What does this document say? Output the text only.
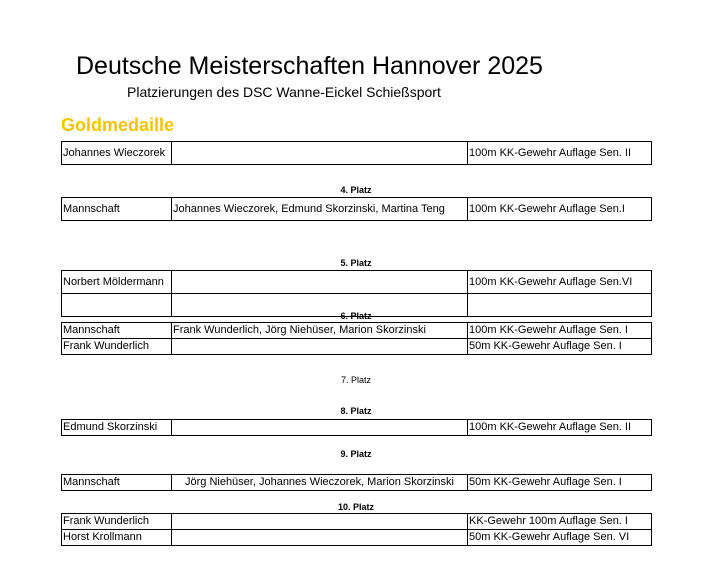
Deutsche Meisterschaften Hannover 2025
Platzierungen des DSC Wanne-Eickel Schießsport
Goldmedaille
Johannes Wieczorek		100m KK-Gewehr Auflage Sen. II
4. Platz
Mannschaft	Johannes Wieczorek, Edmund Skorzinski, Martina Teng	100m KK-Gewehr Auflage Sen.I
5. Platz
Norbert Möldermann		100m KK-Gewehr Auflage Sen.VI

6. Platz
Mannschaft	Frank Wunderlich, Jörg Niehüser, Marion Skorzinski	100m KK-Gewehr Auflage Sen. I
Frank Wunderlich		50m KK-Gewehr Auflage Sen. I
7. Platz
8. Platz
Edmund Skorzinski		100m KK-Gewehr Auflage Sen. II
9. Platz
Mannschaft	Jörg Niehüser, Johannes Wieczorek, Marion Skorzinski	50m KK-Gewehr Auflage Sen. I
10. Platz
Frank Wunderlich		KK-Gewehr 100m Auflage Sen. I
Horst Krollmann		50m KK-Gewehr Auflage Sen. VI
